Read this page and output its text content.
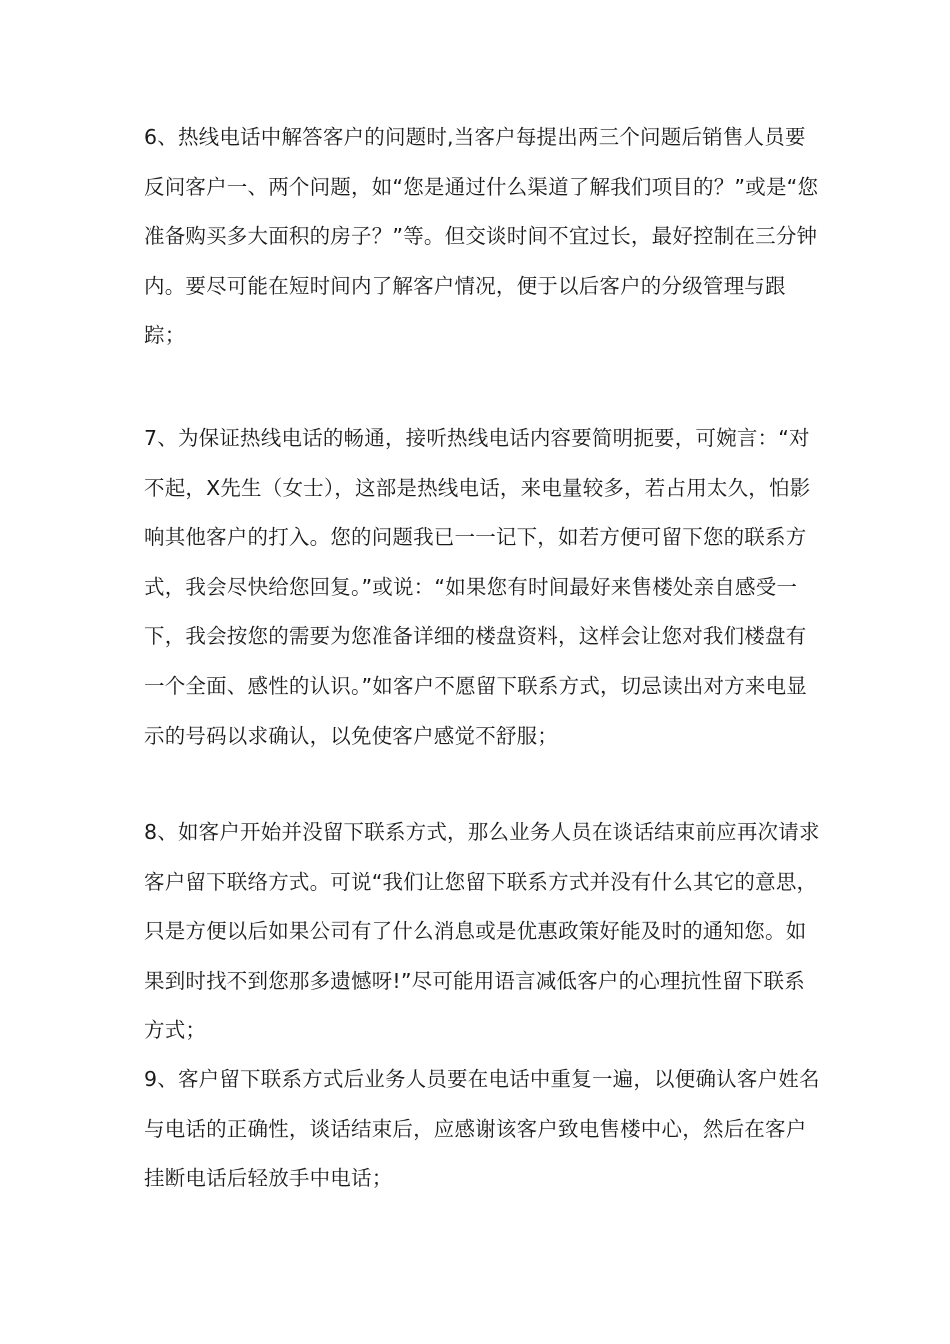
6、热线电话中解答客户的问题时,当客户每提出两三个问题后销售人员要反问客户一、两个问题，如“您是通过什么渠道了解我们项目的？”或是“您准备购买多大面积的房子？”等。但交谈时间不宜过长，最好控制在三分钟内。要尽可能在短时间内了解客户情况，便于以后客户的分级管理与跟踪；

7、为保证热线电话的畅通，接听热线电话内容要简明扼要，可婉言：“对不起，X先生（女士），这部是热线电话，来电量较多，若占用太久，怕影响其他客户的打入。您的问题我已一一记下，如若方便可留下您的联系方式，我会尽快给您回复。”或说：“如果您有时间最好来售楼处亲自感受一下，我会按您的需要为您准备详细的楼盘资料，这样会让您对我们楼盘有一个全面、感性的认识。”如客户不愿留下联系方式，切忌读出对方来电显示的号码以求确认，以免使客户感觉不舒服；

8、如客户开始并没留下联系方式，那么业务人员在谈话结束前应再次请求客户留下联络方式。可说“我们让您留下联系方式并没有什么其它的意思，只是方便以后如果公司有了什么消息或是优惠政策好能及时的通知您。如果到时找不到您那多遗憾呀!”尽可能用语言减低客户的心理抗性留下联系方式；

9、客户留下联系方式后业务人员要在电话中重复一遍，以便确认客户姓名与电话的正确性，谈话结束后，应感谢该客户致电售楼中心，然后在客户挂断电话后轻放手中电话；
